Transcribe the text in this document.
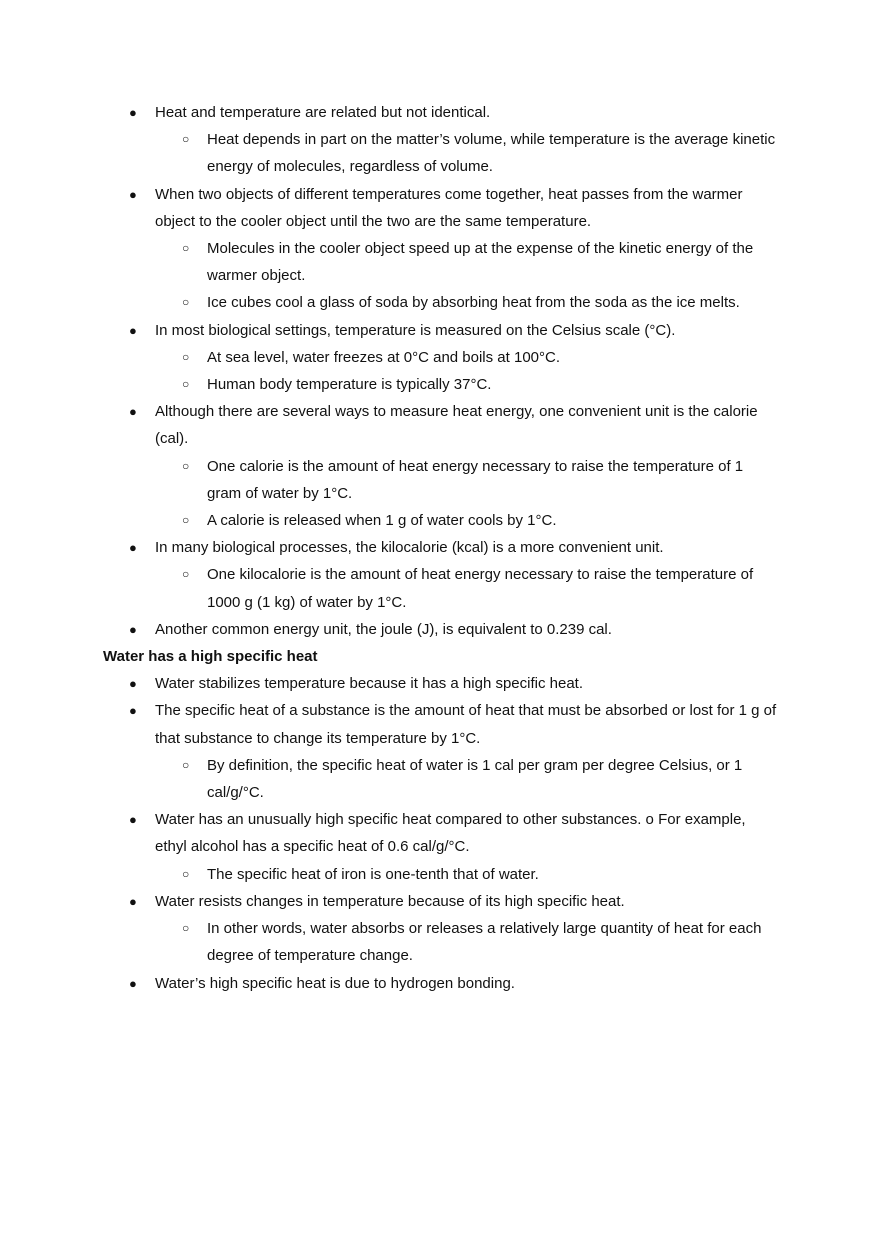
● Heat and temperature are related but not identical.
○ Heat depends in part on the matter’s volume, while temperature is the average kinetic energy of molecules, regardless of volume.
● When two objects of different temperatures come together, heat passes from the warmer object to the cooler object until the two are the same temperature.
○ Molecules in the cooler object speed up at the expense of the kinetic energy of the warmer object.
○ Ice cubes cool a glass of soda by absorbing heat from the soda as the ice melts.
● In most biological settings, temperature is measured on the Celsius scale (°C).
○ At sea level, water freezes at 0°C and boils at 100°C.
○ Human body temperature is typically 37°C.
● Although there are several ways to measure heat energy, one convenient unit is the calorie (cal).
○ One calorie is the amount of heat energy necessary to raise the temperature of 1 gram of water by 1°C.
○ A calorie is released when 1 g of water cools by 1°C.
● In many biological processes, the kilocalorie (kcal) is a more convenient unit.
○ One kilocalorie is the amount of heat energy necessary to raise the temperature of 1000 g (1 kg) of water by 1°C.
● Another common energy unit, the joule (J), is equivalent to 0.239 cal.
Water has a high specific heat
● Water stabilizes temperature because it has a high specific heat.
● The specific heat of a substance is the amount of heat that must be absorbed or lost for 1 g of that substance to change its temperature by 1°C.
○ By definition, the specific heat of water is 1 cal per gram per degree Celsius, or 1 cal/g/°C.
● Water has an unusually high specific heat compared to other substances. o For example, ethyl alcohol has a specific heat of 0.6 cal/g/°C.
○ The specific heat of iron is one-tenth that of water.
● Water resists changes in temperature because of its high specific heat.
○ In other words, water absorbs or releases a relatively large quantity of heat for each degree of temperature change.
● Water’s high specific heat is due to hydrogen bonding.
